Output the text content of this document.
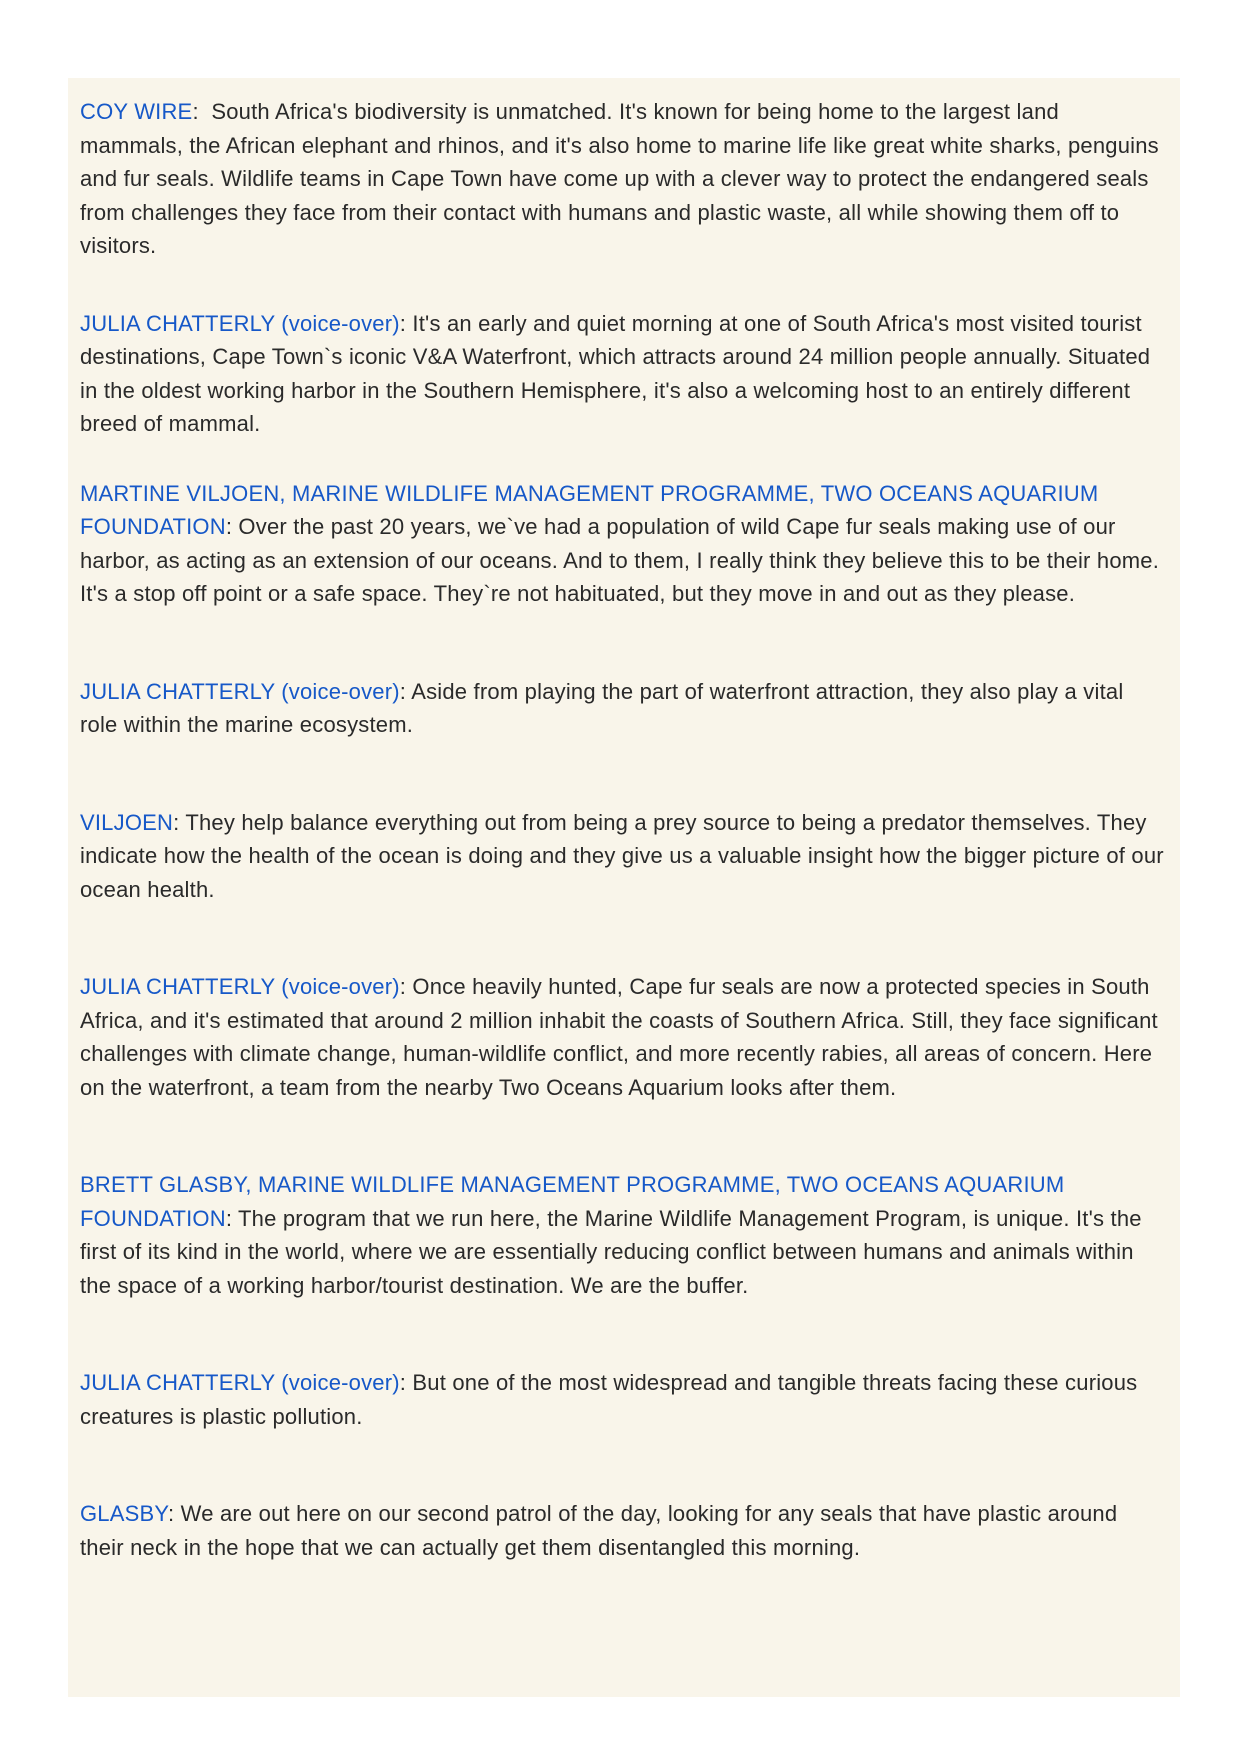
COY WIRE:  South Africa's biodiversity is unmatched. It's known for being home to the largest land mammals, the African elephant and rhinos, and it's also home to marine life like great white sharks, penguins and fur seals. Wildlife teams in Cape Town have come up with a clever way to protect the endangered seals from challenges they face from their contact with humans and plastic waste, all while showing them off to visitors.

JULIA CHATTERLY (voice-over): It's an early and quiet morning at one of South Africa's most visited tourist destinations, Cape Town`s iconic V&A Waterfront, which attracts around 24 million people annually. Situated in the oldest working harbor in the Southern Hemisphere, it's also a welcoming host to an entirely different breed of mammal.

MARTINE VILJOEN, MARINE WILDLIFE MANAGEMENT PROGRAMME, TWO OCEANS AQUARIUM FOUNDATION: Over the past 20 years, we`ve had a population of wild Cape fur seals making use of our harbor, as acting as an extension of our oceans. And to them, I really think they believe this to be their home. It's a stop off point or a safe space. They`re not habituated, but they move in and out as they please.

JULIA CHATTERLY (voice-over): Aside from playing the part of waterfront attraction, they also play a vital role within the marine ecosystem.

VILJOEN: They help balance everything out from being a prey source to being a predator themselves. They indicate how the health of the ocean is doing and they give us a valuable insight how the bigger picture of our ocean health.

JULIA CHATTERLY (voice-over): Once heavily hunted, Cape fur seals are now a protected species in South Africa, and it's estimated that around 2 million inhabit the coasts of Southern Africa. Still, they face significant challenges with climate change, human-wildlife conflict, and more recently rabies, all areas of concern. Here on the waterfront, a team from the nearby Two Oceans Aquarium looks after them.

BRETT GLASBY, MARINE WILDLIFE MANAGEMENT PROGRAMME, TWO OCEANS AQUARIUM FOUNDATION: The program that we run here, the Marine Wildlife Management Program, is unique. It's the first of its kind in the world, where we are essentially reducing conflict between humans and animals within the space of a working harbor/tourist destination. We are the buffer.

JULIA CHATTERLY (voice-over): But one of the most widespread and tangible threats facing these curious creatures is plastic pollution.

GLASBY: We are out here on our second patrol of the day, looking for any seals that have plastic around their neck in the hope that we can actually get them disentangled this morning.
